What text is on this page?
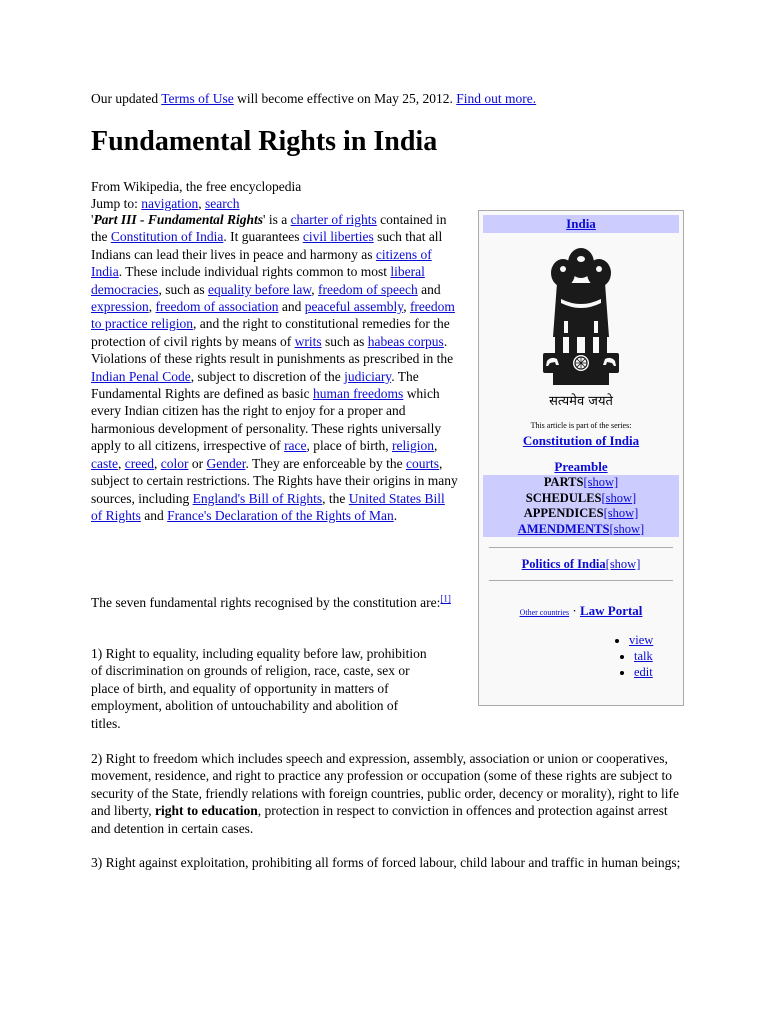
Our updated Terms of Use will become effective on May 25, 2012. Find out more.
Fundamental Rights in India
From Wikipedia, the free encyclopedia
Jump to: navigation, search

'Part III - Fundamental Rights' is a charter of rights contained in the Constitution of India. It guarantees civil liberties such that all Indians can lead their lives in peace and harmony as citizens of India. These include individual rights common to most liberal democracies, such as equality before law, freedom of speech and expression, freedom of association and peaceful assembly, freedom to practice religion, and the right to constitutional remedies for the protection of civil rights by means of writs such as habeas corpus. Violations of these rights result in punishments as prescribed in the Indian Penal Code, subject to discretion of the judiciary. The Fundamental Rights are defined as basic human freedoms which every Indian citizen has the right to enjoy for a proper and harmonious development of personality. These rights universally apply to all citizens, irrespective of race, place of birth, religion, caste, creed, color or Gender. They are enforceable by the courts, subject to certain restrictions. The Rights have their origins in many sources, including England's Bill of Rights, the United States Bill of Rights and France's Declaration of the Rights of Man.

The seven fundamental rights recognised by the constitution are:[1]

1) Right to equality, including equality before law, prohibition of discrimination on grounds of religion, race, caste, sex or place of birth, and equality of opportunity in matters of employment, abolition of untouchability and abolition of titles.

2) Right to freedom which includes speech and expression, assembly, association or union or cooperatives, movement, residence, and right to practice any profession or occupation (some of these rights are subject to security of the State, friendly relations with foreign countries, public order, decency or morality), right to life and liberty, right to education, protection in respect to conviction in offences and protection against arrest and detention in certain cases.

3) Right against exploitation, prohibiting all forms of forced labour, child labour and traffic in human beings;

India
सत्यमेव जयते
This article is part of the series:
Constitution of India
Preamble
PARTS[show]
SCHEDULES[show]
APPENDICES[show]
AMENDMENTS[show]
Politics of India[show]
Other countries · Law Portal
• view
• talk
• edit
